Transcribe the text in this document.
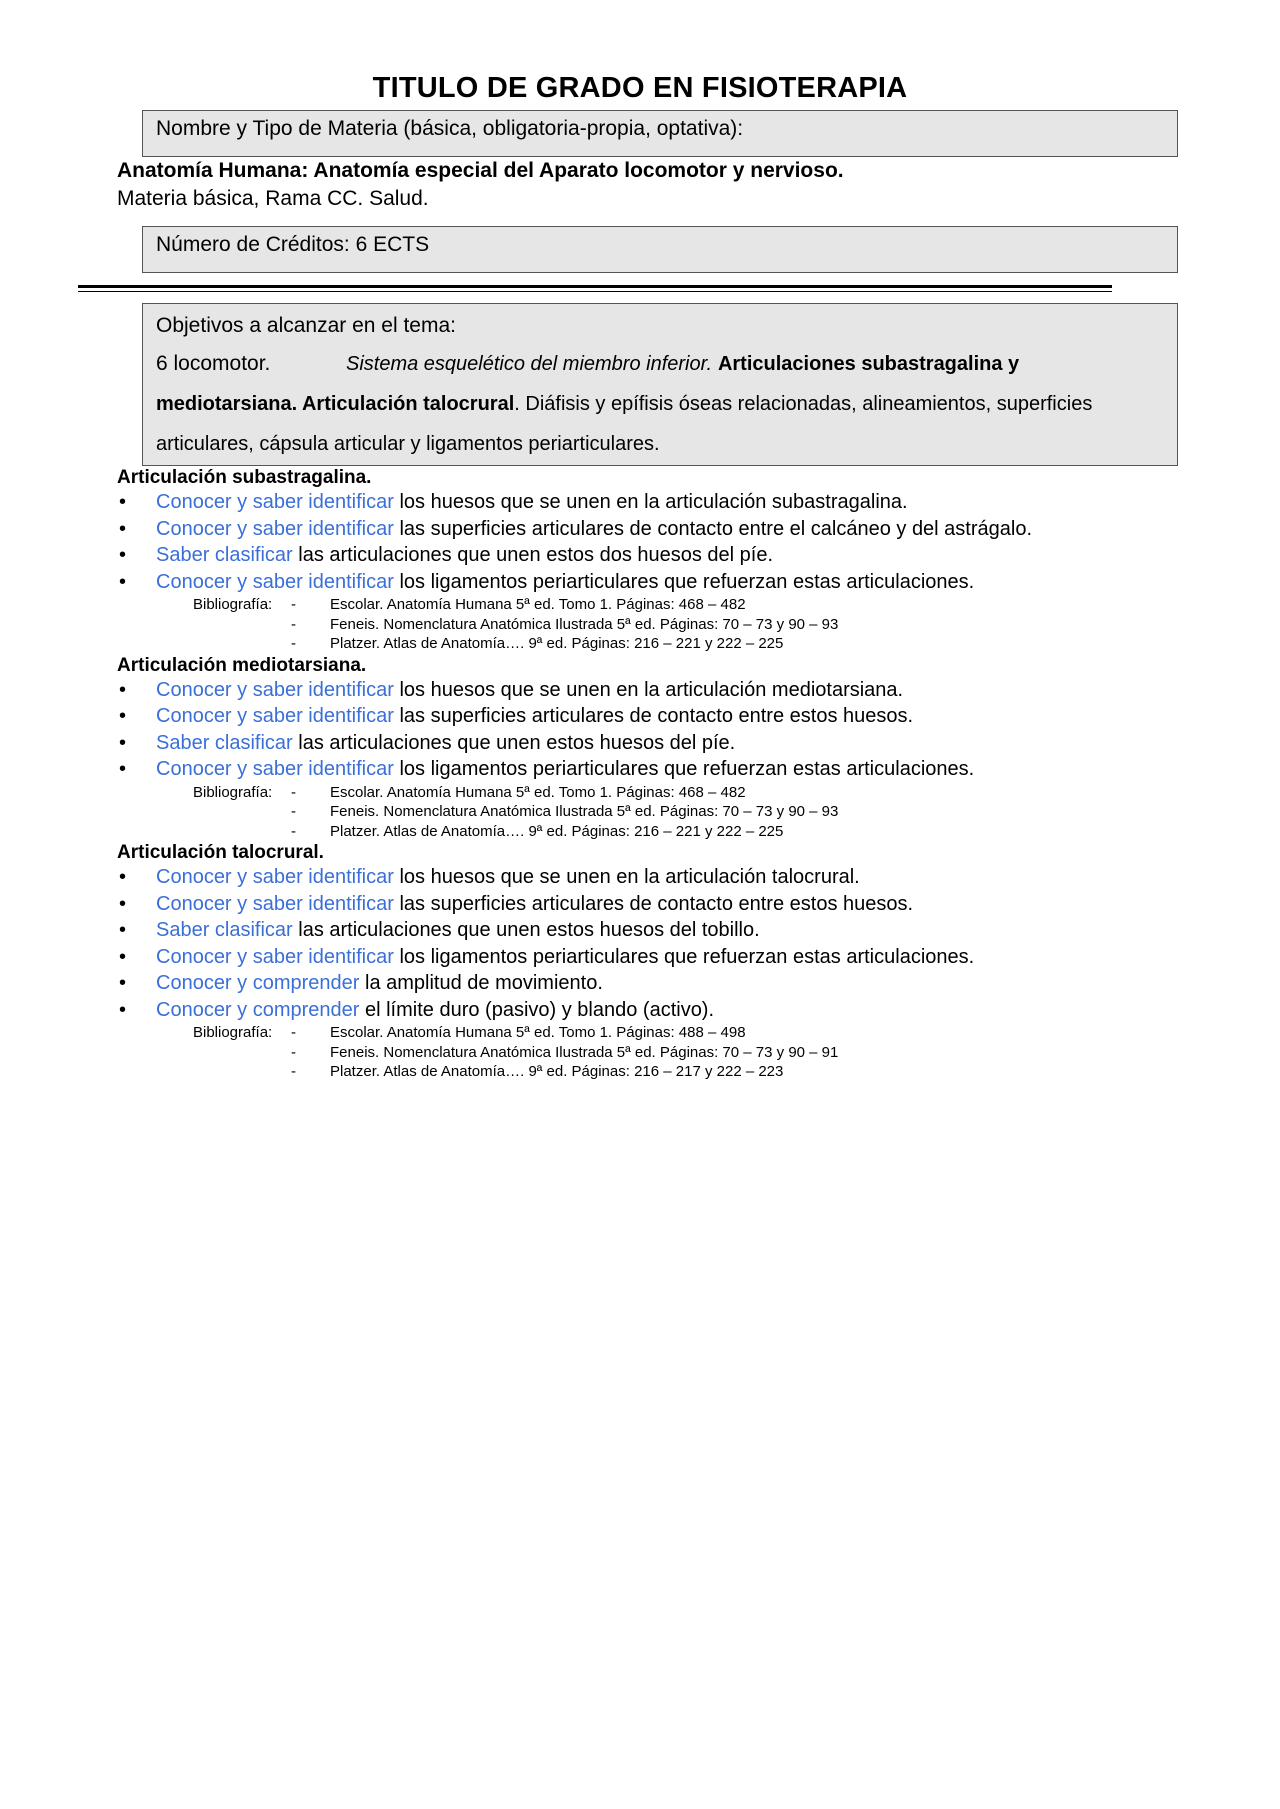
TITULO DE GRADO EN FISIOTERAPIA
Nombre y Tipo de Materia (básica, obligatoria-propia, optativa):
Anatomía Humana: Anatomía especial del Aparato locomotor y nervioso.
Materia básica, Rama CC. Salud.
Número de Créditos: 6 ECTS
Objetivos a alcanzar en el tema:
6 locomotor.	Sistema esquelético del miembro inferior. Articulaciones subastragalina y mediotarsiana. Articulación talocrural. Diáfisis y epífisis óseas relacionadas, alineamientos, superficies articulares, cápsula articular y ligamentos periarticulares.
Articulación subastragalina.
• Conocer y saber identificar los huesos que se unen en la articulación subastragalina.
• Conocer y saber identificar las superficies articulares de contacto entre el calcáneo y del astrágalo.
• Saber clasificar las articulaciones que unen estos dos huesos del píe.
• Conocer y saber identificar los ligamentos periarticulares que refuerzan estas articulaciones.
Bibliografía: - Escolar. Anatomía Humana 5ª ed. Tomo 1. Páginas: 468 – 482
- Feneis. Nomenclatura Anatómica Ilustrada 5ª ed. Páginas: 70 – 73 y 90 – 93
- Platzer. Atlas de Anatomía…. 9ª ed. Páginas: 216 – 221 y 222 – 225
Articulación mediotarsiana.
• Conocer y saber identificar los huesos que se unen en la articulación mediotarsiana.
• Conocer y saber identificar las superficies articulares de contacto entre estos huesos.
• Saber clasificar las articulaciones que unen estos huesos del píe.
• Conocer y saber identificar los ligamentos periarticulares que refuerzan estas articulaciones.
Bibliografía: - Escolar. Anatomía Humana 5ª ed. Tomo 1. Páginas: 468 – 482
- Feneis. Nomenclatura Anatómica Ilustrada 5ª ed. Páginas: 70 – 73 y 90 – 93
- Platzer. Atlas de Anatomía…. 9ª ed. Páginas: 216 – 221 y 222 – 225
Articulación talocrural.
• Conocer y saber identificar los huesos que se unen en la articulación talocrural.
• Conocer y saber identificar las superficies articulares de contacto entre estos huesos.
• Saber clasificar las articulaciones que unen estos huesos del tobillo.
• Conocer y saber identificar los ligamentos periarticulares que refuerzan estas articulaciones.
• Conocer y comprender la amplitud de movimiento.
• Conocer y comprender el límite duro (pasivo) y blando (activo).
Bibliografía: - Escolar. Anatomía Humana 5ª ed. Tomo 1. Páginas: 488 – 498
- Feneis. Nomenclatura Anatómica Ilustrada 5ª ed. Páginas: 70 – 73 y 90 – 91
- Platzer. Atlas de Anatomía…. 9ª ed. Páginas: 216 – 217 y 222 – 223
